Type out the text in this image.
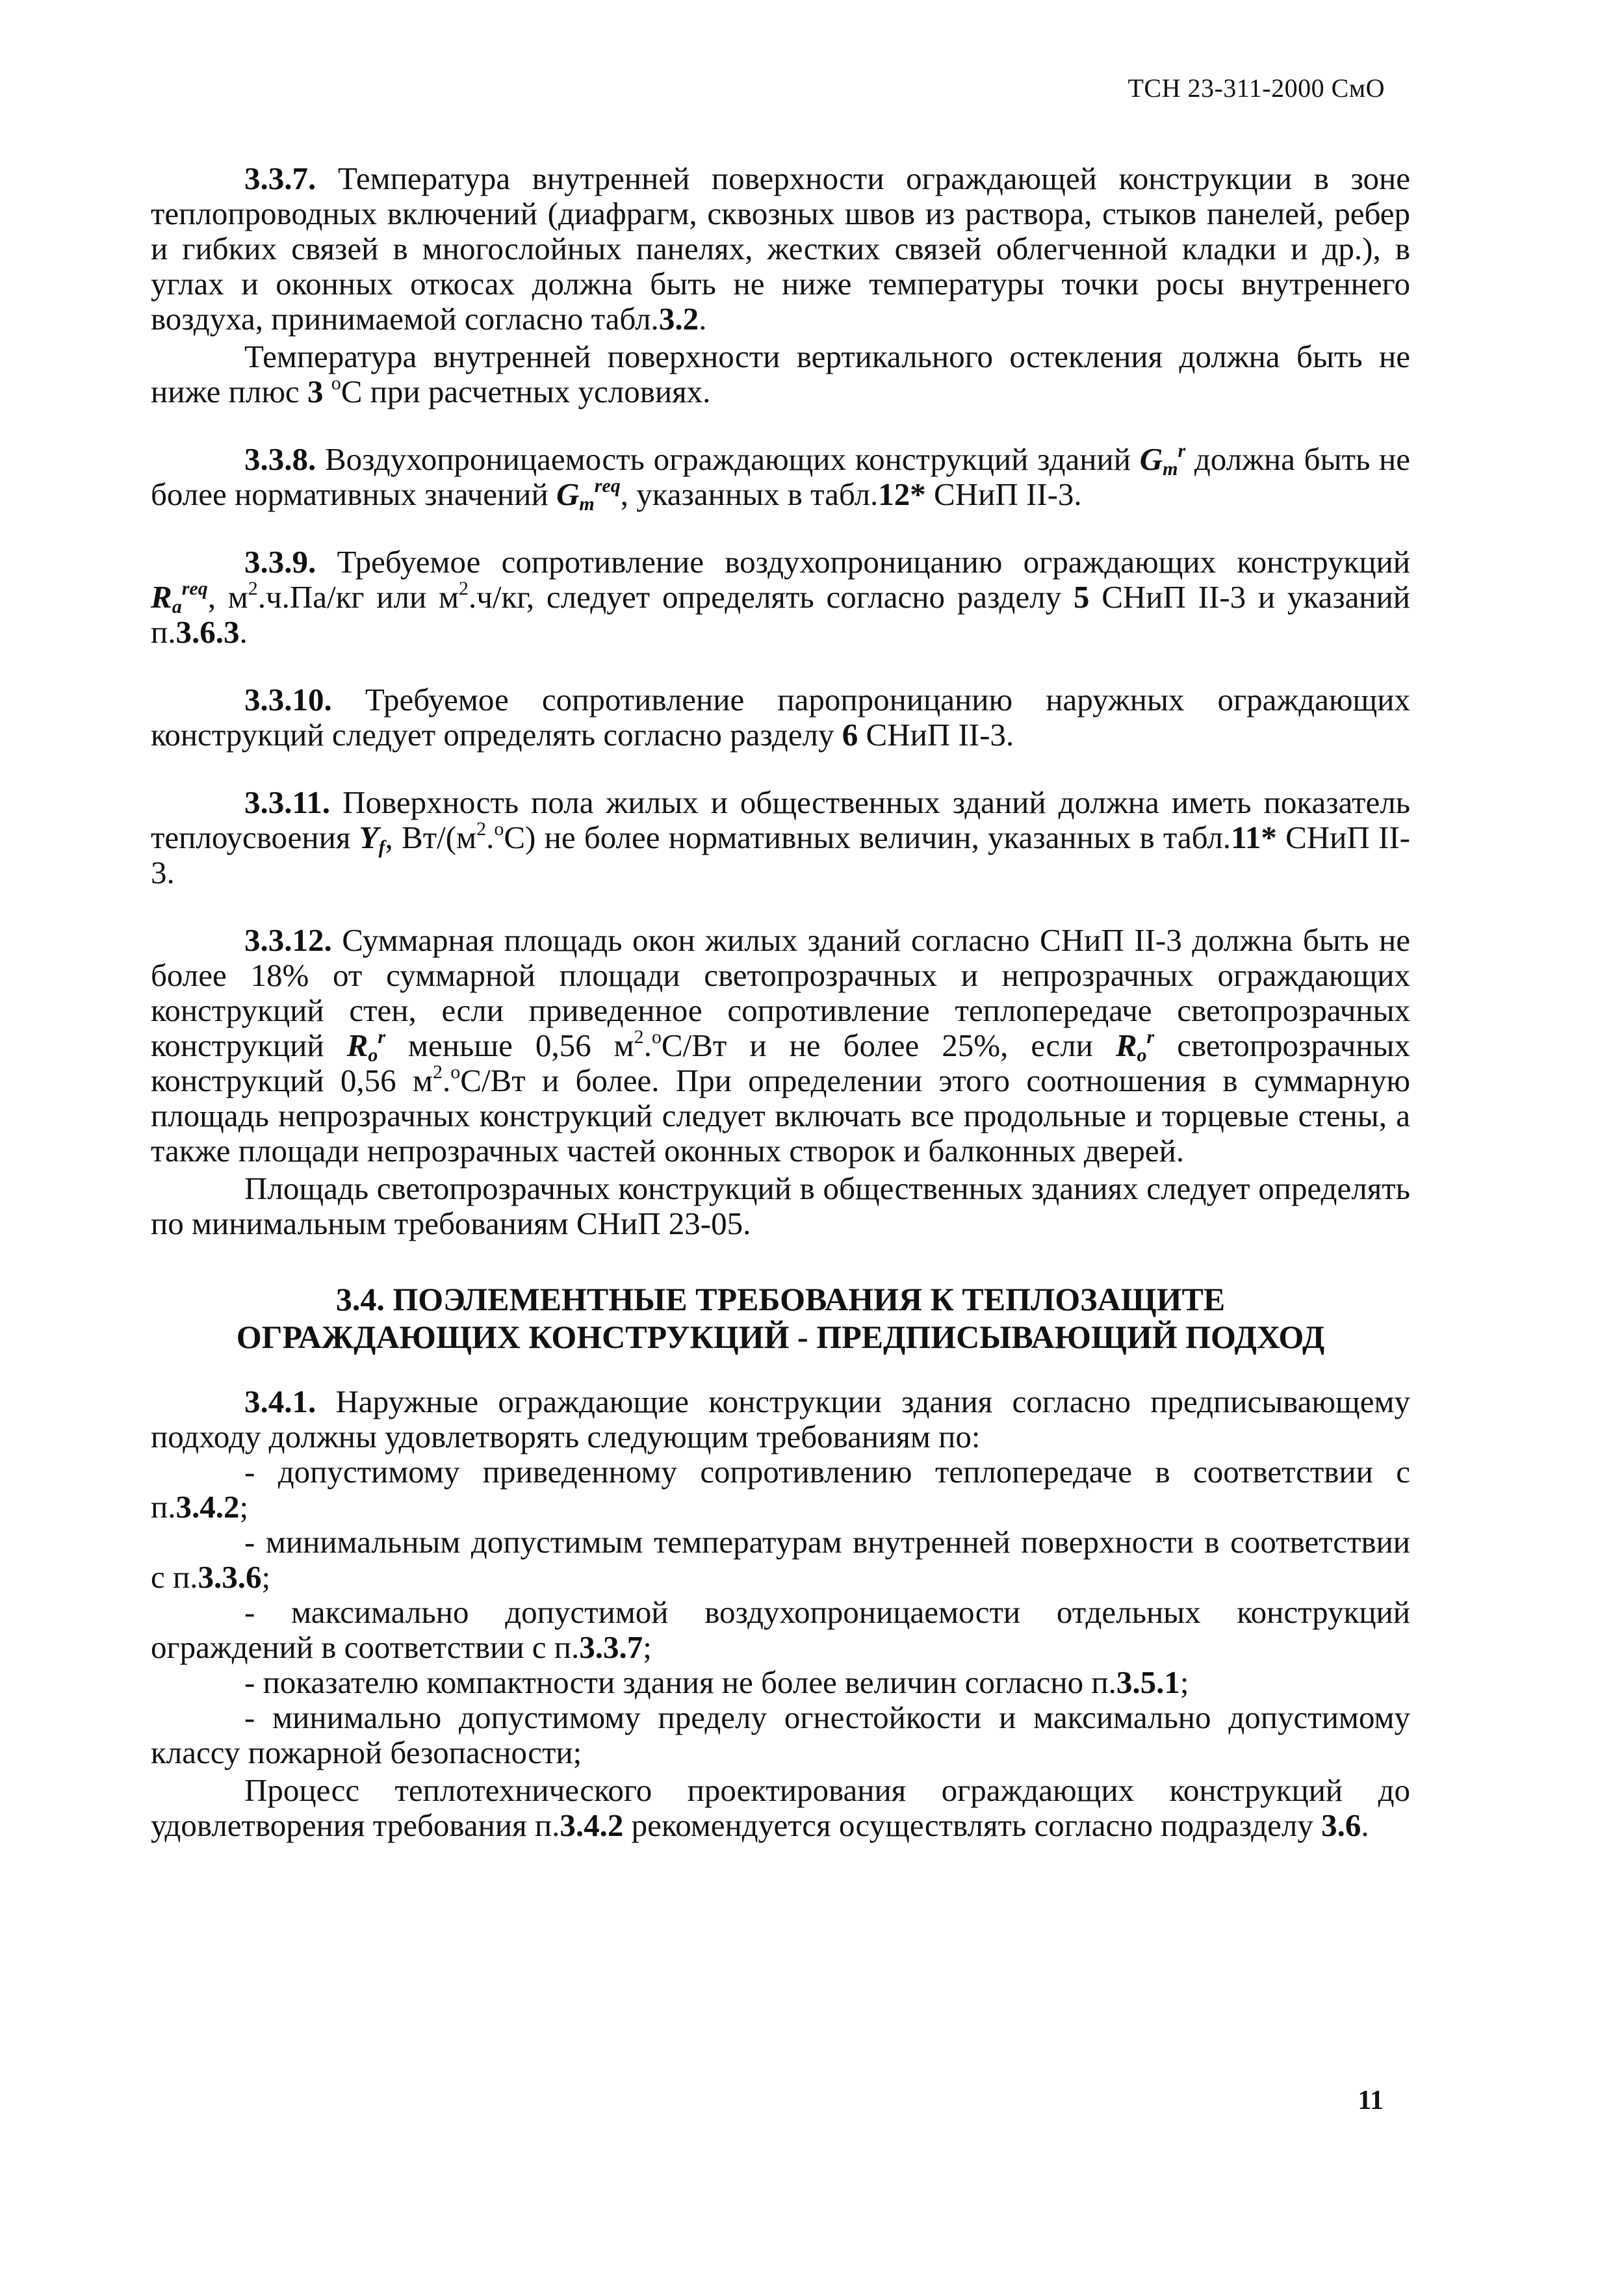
ТСН 23-311-2000 СмО

3.3.7. Температура внутренней поверхности ограждающей конструкции в зоне теплопроводных включений (диафрагм, сквозных швов из раствора, стыков панелей, ребер и гибких связей в многослойных панелях, жестких связей облегченной кладки и др.), в углах и оконных откосах должна быть не ниже температуры точки росы внутреннего воздуха, принимаемой согласно табл.3.2.

Температура внутренней поверхности вертикального остекления должна быть не ниже плюс 3 $^о$С при расчетных условиях.

3.3.8. Воздухопроницаемость ограждающих конструкций зданий $G_m^r$ должна быть не более нормативных значений $G_m^{req}$, указанных в табл.12* СНиП II-3.

3.3.9. Требуемое сопротивление воздухопроницанию ограждающих конструкций $R_a^{req}$, $м^2.ч.Па/кг$ или $м^2.ч/кг$, следует определять согласно разделу 5 СНиП II-3 и указаний п.3.6.3.

3.3.10. Требуемое сопротивление паропроницанию наружных ограждающих конструкций следует определять согласно разделу 6 СНиП II-3.

3.3.11. Поверхность пола жилых и общественных зданий должна иметь показатель теплоусвоения $Y_f$, $Вт/(м^2.^оС)$ не более нормативных величин, указанных в табл.11* СНиП II-3.

3.3.12. Суммарная площадь окон жилых зданий согласно СНиП II-3 должна быть не более 18% от суммарной площади светопрозрачных и непрозрачных ограждающих конструкций стен, если приведенное сопротивление теплопередаче светопрозрачных конструкций $R_o^r$ меньше 0,56 $м^2.^оС/Вт$ и не более 25%, если $R_o^r$ светопрозрачных конструкций 0,56 $м^2.^оС/Вт$ и более. При определении этого соотношения в суммарную площадь непрозрачных конструкций следует включать все продольные и торцевые стены, а также площади непрозрачных частей оконных створок и балконных дверей.

Площадь светопрозрачных конструкций в общественных зданиях следует определять по минимальным требованиям СНиП 23-05.

3.4. ПОЭЛЕМЕНТНЫЕ ТРЕБОВАНИЯ К ТЕПЛОЗАЩИТЕ
ОГРАЖДАЮЩИХ КОНСТРУКЦИЙ - ПРЕДПИСЫВАЮЩИЙ ПОДХОД

3.4.1. Наружные ограждающие конструкции здания согласно предписывающему подходу должны удовлетворять следующим требованиям по:

- допустимому приведенному сопротивлению теплопередаче в соответствии с п.3.4.2;

- минимальным допустимым температурам внутренней поверхности в соответствии с п.3.3.6;

- максимально допустимой воздухопроницаемости отдельных конструкций ограждений в соответствии с п.3.3.7;

- показателю компактности здания не более величин согласно п.3.5.1;

- минимально допустимому пределу огнестойкости и максимально допустимому классу пожарной безопасности;

Процесс теплотехнического проектирования ограждающих конструкций до удовлетворения требования п.3.4.2 рекомендуется осуществлять согласно подразделу 3.6.

11
